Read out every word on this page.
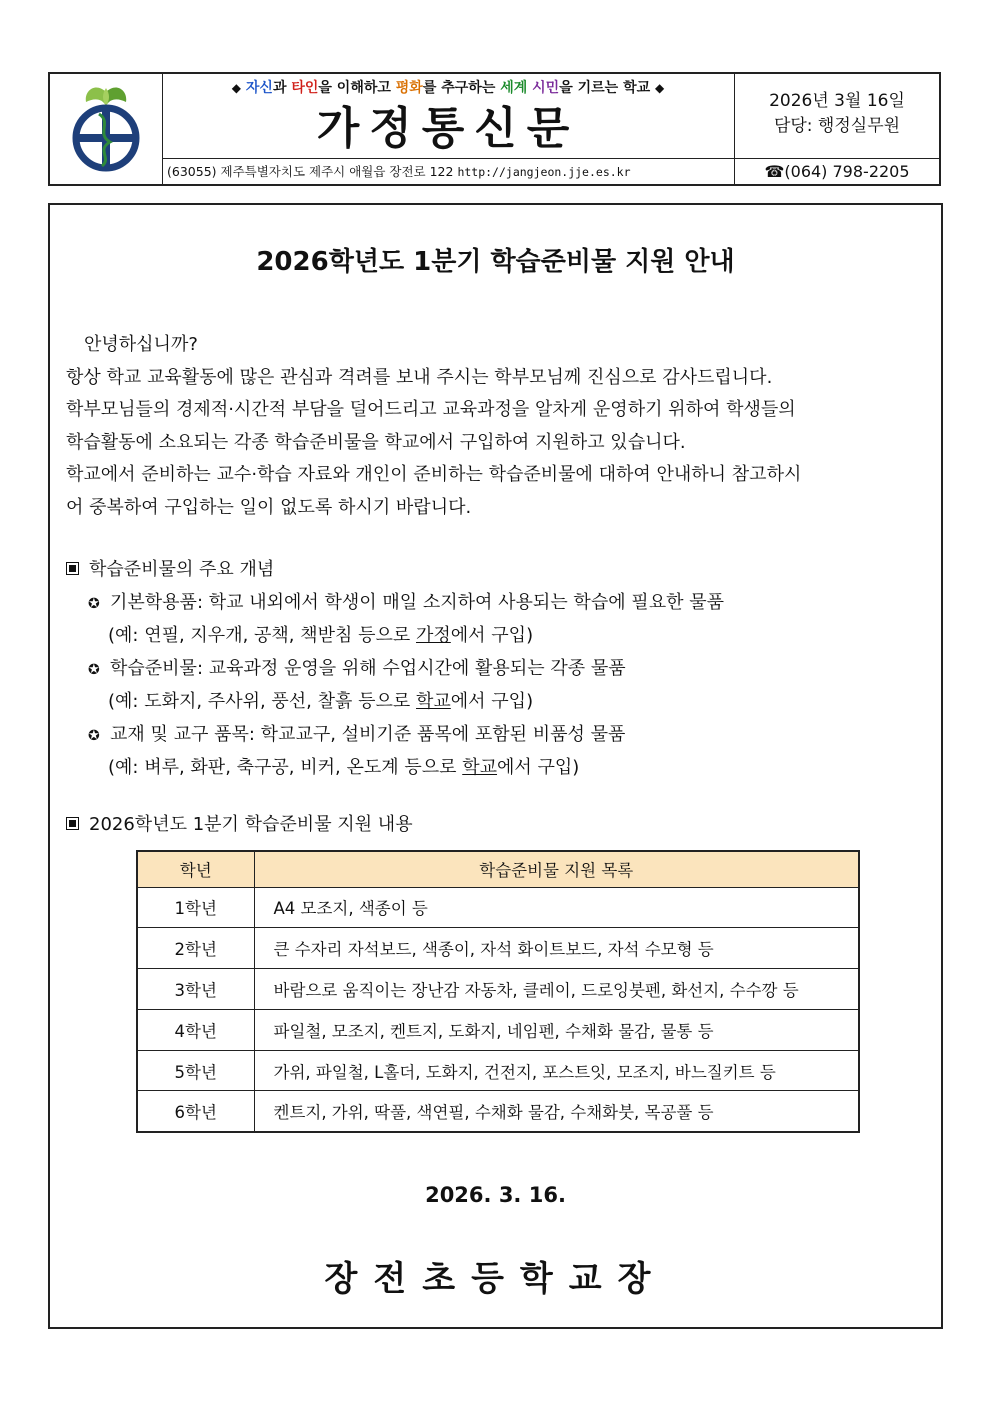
◆ 자신과 타인을 이해하고 평화를 추구하는 세계 시민을 기르는 학교 ◆
가정통신문
2026년 3월 16일
담당: 행정실무원
(63055) 제주특별자치도 제주시 애월읍 장전로 122 http://jangjeon.jje.es.kr	☎(064) 798-2205
2026학년도 1분기 학습준비물 지원 안내

안녕하십니까?

항상 학교 교육활동에 많은 관심과 격려를 보내 주시는 학부모님께 진심으로 감사드립니다.

학부모님들의 경제적·시간적 부담을 덜어드리고 교육과정을 알차게 운영하기 위하여 학생들의

학습활동에 소요되는 각종 학습준비물을 학교에서 구입하여 지원하고 있습니다.

학교에서 준비하는 교수·학습 자료와 개인이 준비하는 학습준비물에 대하여 안내하니 참고하시

어 중복하여 구입하는 일이 없도록 하시기 바랍니다.

학습준비물의 주요 개념
✪ 기본학용품: 학교 내외에서 학생이 매일 소지하여 사용되는 학습에 필요한 물품
(예: 연필, 지우개, 공책, 책받침 등으로 가정에서 구입)
✪ 학습준비물: 교육과정 운영을 위해 수업시간에 활용되는 각종 물품
(예: 도화지, 주사위, 풍선, 찰흙 등으로 학교에서 구입)
✪ 교재 및 교구 품목: 학교교구, 설비기준 품목에 포함된 비품성 물품
(예: 벼루, 화판, 축구공, 비커, 온도계 등으로 학교에서 구입)
2026학년도 1분기 학습준비물 지원 내용
학년	학습준비물 지원 목록
1학년	A4 모조지, 색종이 등
2학년	큰 수자리 자석보드, 색종이, 자석 화이트보드, 자석 수모형 등
3학년	바람으로 움직이는 장난감 자동차, 클레이, 드로잉붓펜, 화선지, 수수깡 등
4학년	파일철, 모조지, 켄트지, 도화지, 네임펜, 수채화 물감, 물통 등
5학년	가위, 파일철, L홀더, 도화지, 건전지, 포스트잇, 모조지, 바느질키트 등
6학년	켄트지, 가위, 딱풀, 색연필, 수채화 물감, 수채화붓, 목공풀 등
2026. 3. 16.
장전초등학교장
